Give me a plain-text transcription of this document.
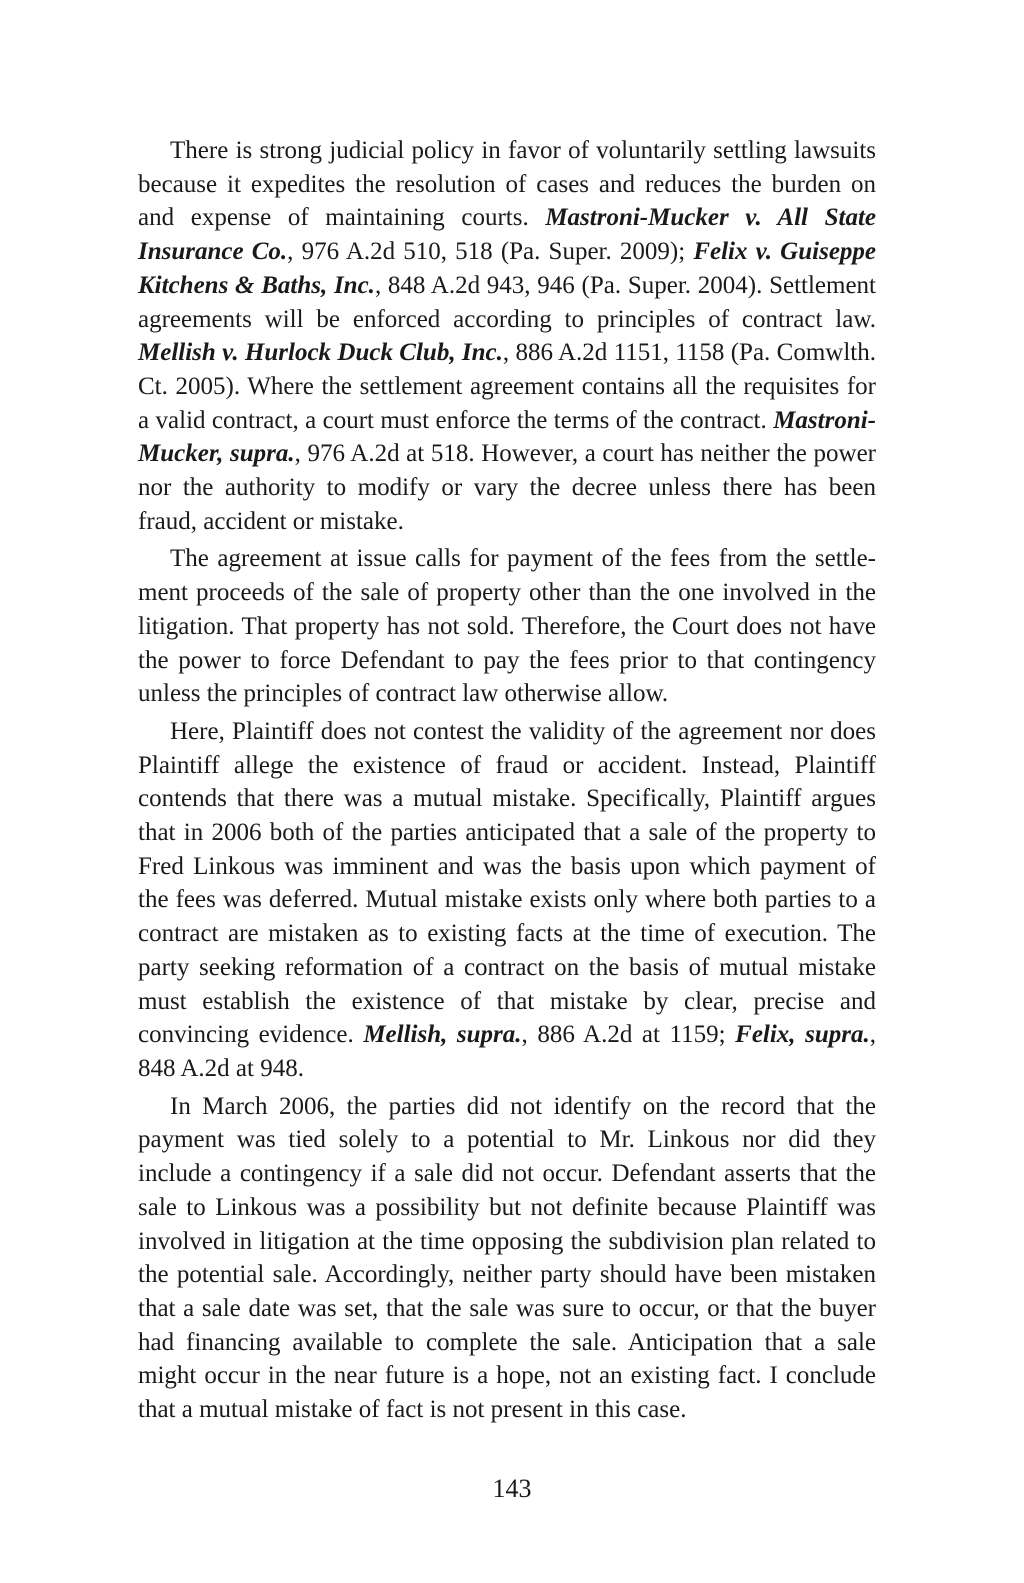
There is strong judicial policy in favor of voluntarily settling lawsuits because it expedites the resolution of cases and reduces the burden on and expense of maintaining courts. Mastroni-Mucker v. All State Insurance Co., 976 A.2d 510, 518 (Pa. Super. 2009); Felix v. Guiseppe Kitchens & Baths, Inc., 848 A.2d 943, 946 (Pa. Super. 2004). Settlement agreements will be enforced according to principles of contract law. Mellish v. Hurlock Duck Club, Inc., 886 A.2d 1151, 1158 (Pa. Comwlth. Ct. 2005). Where the settlement agreement contains all the requisites for a valid contract, a court must enforce the terms of the contract. Mastroni-Mucker, supra., 976 A.2d at 518. However, a court has neither the power nor the authority to modify or vary the decree unless there has been fraud, accident or mistake.

The agreement at issue calls for payment of the fees from the settlement proceeds of the sale of property other than the one involved in the litigation. That property has not sold. Therefore, the Court does not have the power to force Defendant to pay the fees prior to that contingency unless the principles of contract law otherwise allow.

Here, Plaintiff does not contest the validity of the agreement nor does Plaintiff allege the existence of fraud or accident. Instead, Plaintiff contends that there was a mutual mistake. Specifically, Plaintiff argues that in 2006 both of the parties anticipated that a sale of the property to Fred Linkous was imminent and was the basis upon which payment of the fees was deferred. Mutual mistake exists only where both parties to a contract are mistaken as to existing facts at the time of execution. The party seeking reformation of a contract on the basis of mutual mistake must establish the existence of that mistake by clear, precise and convincing evidence. Mellish, supra., 886 A.2d at 1159; Felix, supra., 848 A.2d at 948.

In March 2006, the parties did not identify on the record that the payment was tied solely to a potential to Mr. Linkous nor did they include a contingency if a sale did not occur. Defendant asserts that the sale to Linkous was a possibility but not definite because Plaintiff was involved in litigation at the time opposing the subdivision plan related to the potential sale. Accordingly, neither party should have been mistaken that a sale date was set, that the sale was sure to occur, or that the buyer had financing available to complete the sale. Anticipation that a sale might occur in the near future is a hope, not an existing fact. I conclude that a mutual mistake of fact is not present in this case.

143
